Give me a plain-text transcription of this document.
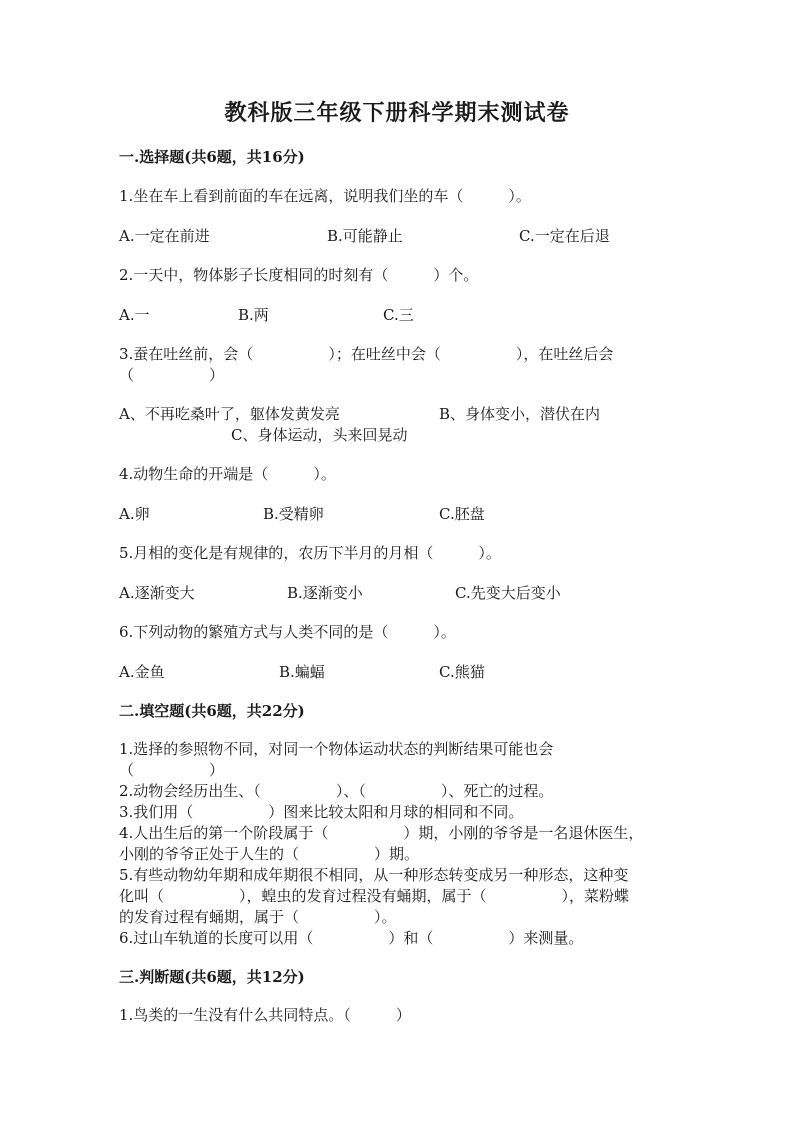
教科版三年级下册科学期末测试卷
一.选择题(共6题，共16分)
1.坐在车上看到前面的车在远离，说明我们坐的车（　　　）。
A.一定在前进	B.可能静止	C.一定在后退
2.一天中，物体影子长度相同的时刻有（　　　）个。
A.一	B.两	C.三
3.蚕在吐丝前，会（　　　　　）；在吐丝中会（　　　　　），在吐丝后会
（　　　　　）
A、不再吃桑叶了，躯体发黄发亮	B、身体变小，潜伏在内
C、身体运动，头来回晃动
4.动物生命的开端是（　　　）。
A.卵	B.受精卵	C.胚盘
5.月相的变化是有规律的，农历下半月的月相（　　　）。
A.逐渐变大	B.逐渐变小	C.先变大后变小
6.下列动物的繁殖方式与人类不同的是（　　　）。
A.金鱼	B.蝙蝠	C.熊猫
二.填空题(共6题，共22分)
1.选择的参照物不同，对同一个物体运动状态的判断结果可能也会
（　　　　　）
2.动物会经历出生、（　　　　　）、（　　　　　）、死亡的过程。
3.我们用（　　　　　）图来比较太阳和月球的相同和不同。
4.人出生后的第一个阶段属于（　　　　　）期，小刚的爷爷是一名退休医生，
小刚的爷爷正处于人生的（　　　　　）期。
5.有些动物幼年期和成年期很不相同，从一种形态转变成另一种形态，这种变
化叫（　　　　　），蝗虫的发育过程没有蛹期，属于（　　　　　），菜粉蝶
的发育过程有蛹期，属于（　　　　　）。
6.过山车轨道的长度可以用（　　　　　）和（　　　　　）来测量。
三.判断题(共6题，共12分)
1.鸟类的一生没有什么共同特点。（　　　）
